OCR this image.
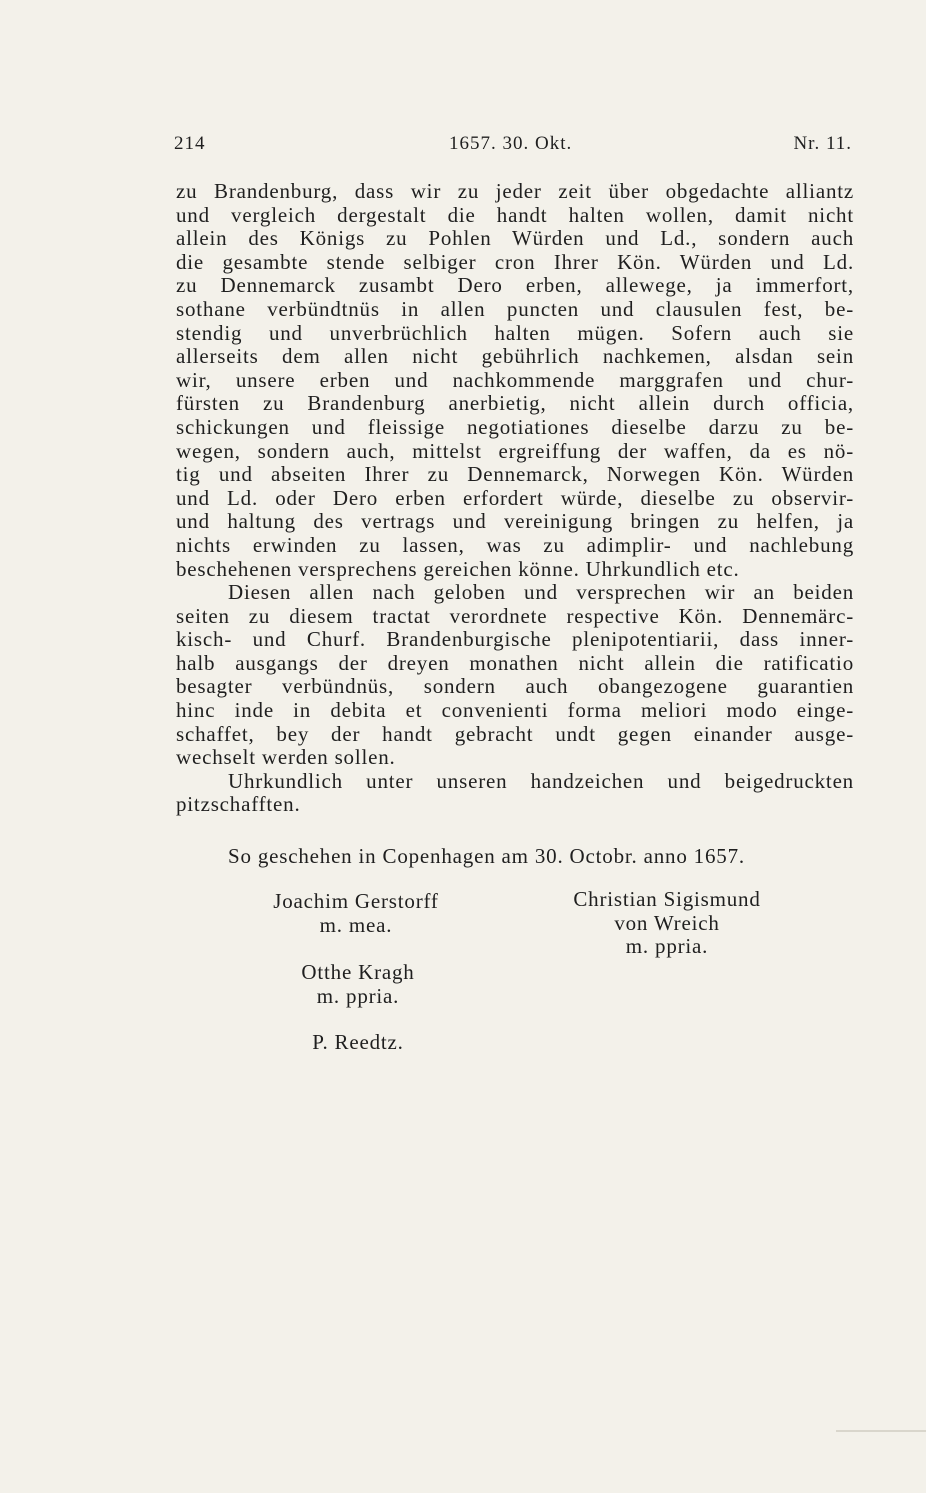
214	1657. 30. Okt.	Nr. 11.
zu Brandenburg, dass wir zu jeder zeit über obgedachte alliantz
und vergleich dergestalt die handt halten wollen, damit nicht
allein des Königs zu Pohlen Würden und Ld., sondern auch
die gesambte stende selbiger cron Ihrer Kön. Würden und Ld.
zu Dennemarck zusambt Dero erben, allewege, ja immerfort,
sothane verbündtnüs in allen puncten und clausulen fest, be-
stendig und unverbrüchlich halten mügen. Sofern auch sie
allerseits dem allen nicht gebührlich nachkemen, alsdan sein
wir, unsere erben und nachkommende marggrafen und chur-
fürsten zu Brandenburg anerbietig, nicht allein durch officia,
schickungen und fleissige negotiationes dieselbe darzu zu be-
wegen, sondern auch, mittelst ergreiffung der waffen, da es nö-
tig und abseiten Ihrer zu Dennemarck, Norwegen Kön. Würden
und Ld. oder Dero erben erfordert würde, dieselbe zu observir-
und haltung des vertrags und vereinigung bringen zu helfen, ja
nichts erwinden zu lassen, was zu adimplir- und nachlebung
beschehenen versprechens gereichen könne. Uhrkundlich etc.
Diesen allen nach geloben und versprechen wir an beiden
seiten zu diesem tractat verordnete respective Kön. Dennemärc-
kisch- und Churf. Brandenburgische plenipotentiarii, dass inner-
halb ausgangs der dreyen monathen nicht allein die ratificatio
besagter verbündnüs, sondern auch obangezogene guarantien
hinc inde in debita et convenienti forma meliori modo einge-
schaffet, bey der handt gebracht undt gegen einander ausge-
wechselt werden sollen.
Uhrkundlich unter unseren handzeichen und beigedruckten
pitzschafften.
So geschehen in Copenhagen am 30. Octobr. anno 1657.
Joachim Gerstorff
m. mea.
Christian Sigismund
von Wreich
m. ppria.
Otthe Kragh
m. ppria.
P. Reedtz.
